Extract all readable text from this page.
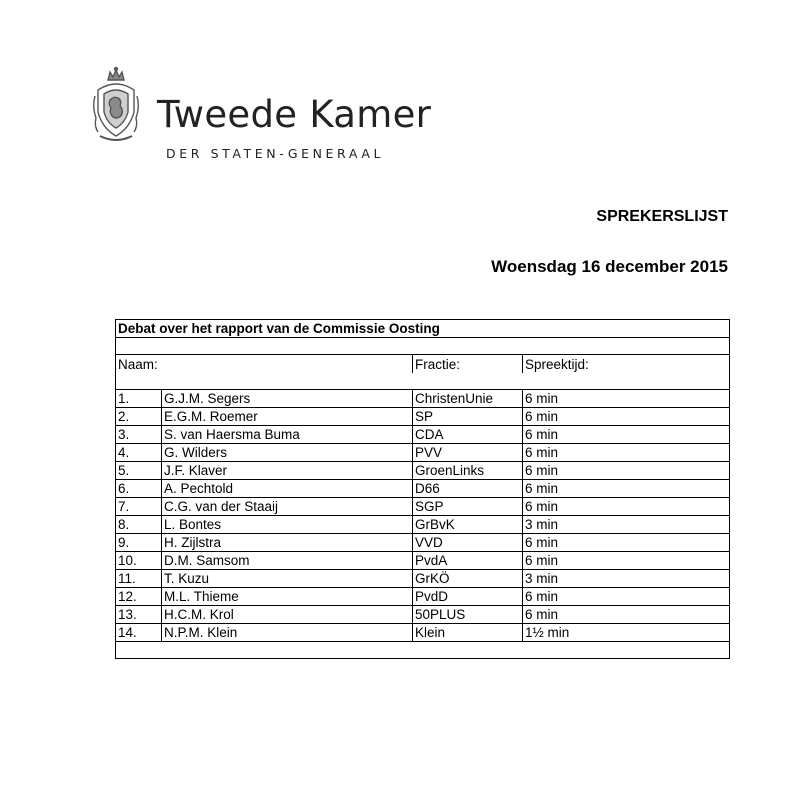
Tweede Kamer
DER STATEN-GENERAAL
SPREKERSLIJST
Woensdag 16 december 2015
Debat over het rapport van de Commissie Oosting			

Naam:		Fractie:	Spreektijd:

1.	G.J.M. Segers	ChristenUnie	6 min
2.	E.G.M. Roemer	SP	6 min
3.	S. van Haersma Buma	CDA	6 min
4.	G. Wilders	PVV	6 min
5.	J.F. Klaver	GroenLinks	6 min
6.	A. Pechtold	D66	6 min
7.	C.G. van der Staaij	SGP	6 min
8.	L. Bontes	GrBvK	3 min
9.	H. Zijlstra	VVD	6 min
10.	D.M. Samsom	PvdA	6 min
11.	T. Kuzu	GrKÖ	3 min
12.	M.L. Thieme	PvdD	6 min
13.	H.C.M. Krol	50PLUS	6 min
14.	N.P.M. Klein	Klein	1½ min
